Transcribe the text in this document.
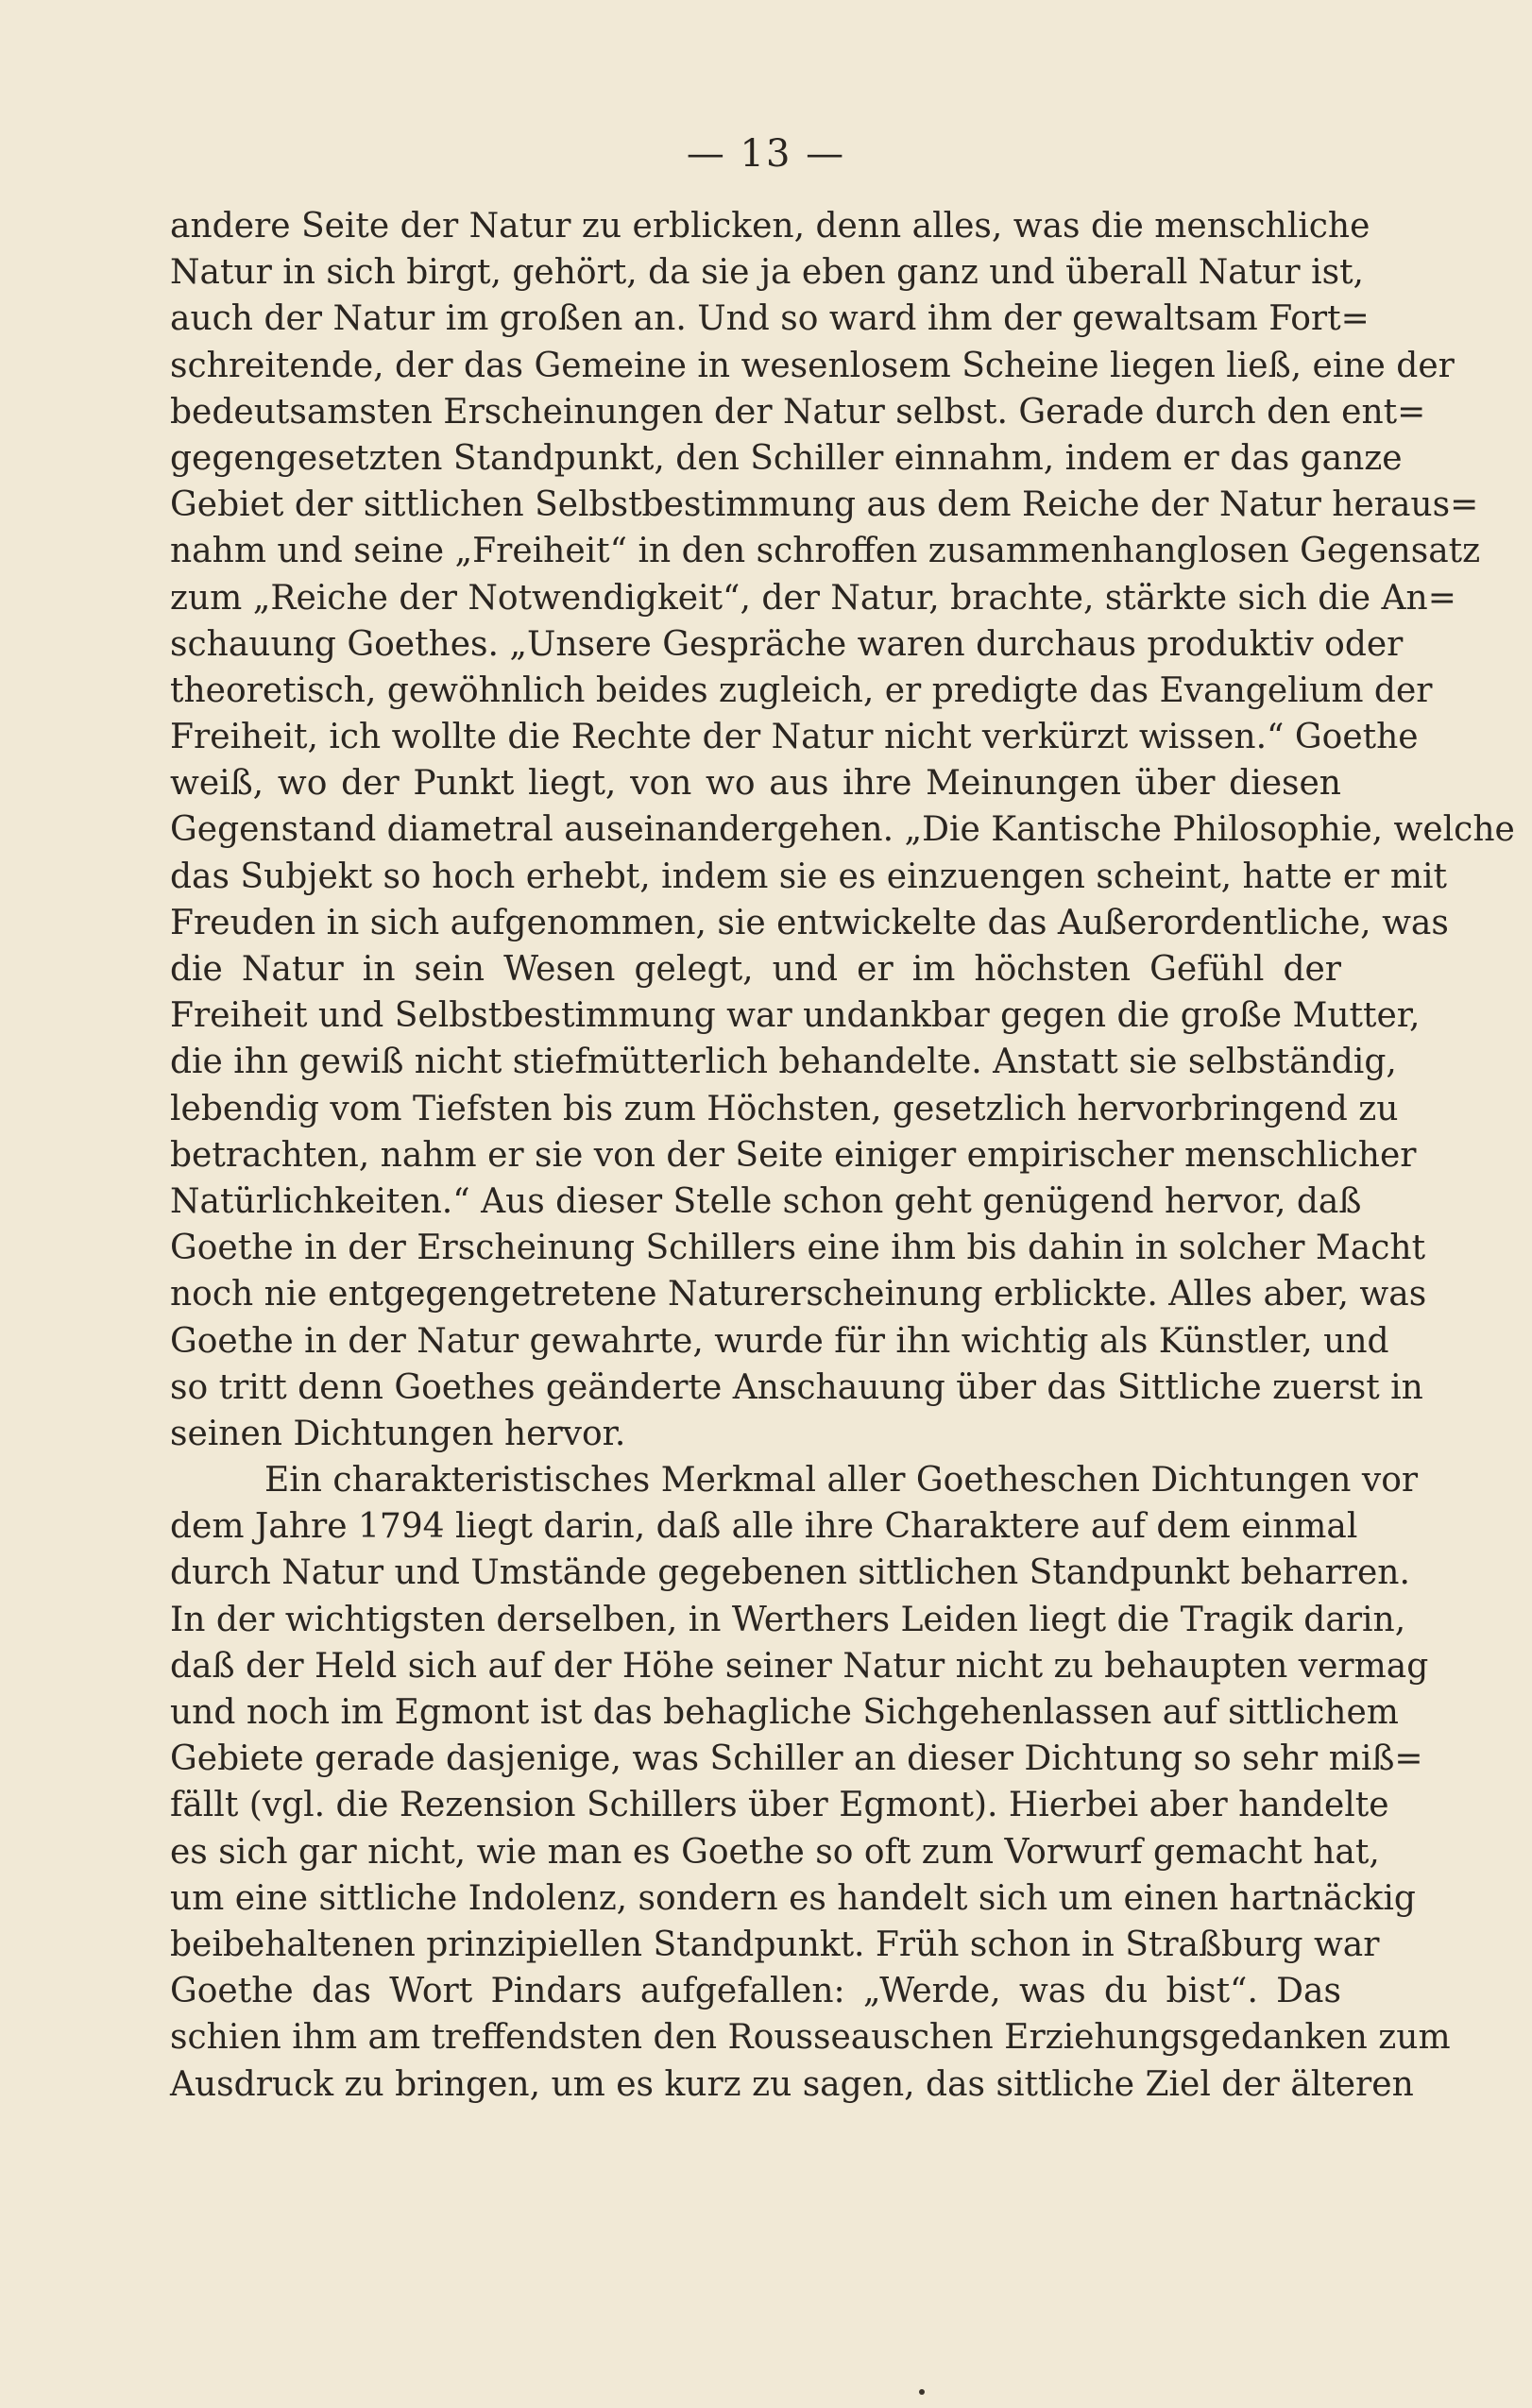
— 13 —
andere Seite der Natur zu erblicken, denn alles, was die menschliche
Natur in sich birgt, gehört, da sie ja eben ganz und überall Natur ist,
auch der Natur im großen an. Und so ward ihm der gewaltsam Fort=
schreitende, der das Gemeine in wesenlosem Scheine liegen ließ, eine der
bedeutsamsten Erscheinungen der Natur selbst. Gerade durch den ent=
gegengesetzten Standpunkt, den Schiller einnahm, indem er das ganze
Gebiet der sittlichen Selbstbestimmung aus dem Reiche der Natur heraus=
nahm und seine „Freiheit“ in den schroffen zusammenhanglosen Gegensatz
zum „Reiche der Notwendigkeit“, der Natur, brachte, stärkte sich die An=
schauung Goethes. „Unsere Gespräche waren durchaus produktiv oder
theoretisch, gewöhnlich beides zugleich, er predigte das Evangelium der
Freiheit, ich wollte die Rechte der Natur nicht verkürzt wissen.“ Goethe
weiß, wo der Punkt liegt, von wo aus ihre Meinungen über diesen
Gegenstand diametral auseinandergehen. „Die Kantische Philosophie, welche
das Subjekt so hoch erhebt, indem sie es einzuengen scheint, hatte er mit
Freuden in sich aufgenommen, sie entwickelte das Außerordentliche, was
die Natur in sein Wesen gelegt, und er im höchsten Gefühl der
Freiheit und Selbstbestimmung war undankbar gegen die große Mutter,
die ihn gewiß nicht stiefmütterlich behandelte. Anstatt sie selbständig,
lebendig vom Tiefsten bis zum Höchsten, gesetzlich hervorbringend zu
betrachten, nahm er sie von der Seite einiger empirischer menschlicher
Natürlichkeiten.“ Aus dieser Stelle schon geht genügend hervor, daß
Goethe in der Erscheinung Schillers eine ihm bis dahin in solcher Macht
noch nie entgegengetretene Naturerscheinung erblickte. Alles aber, was
Goethe in der Natur gewahrte, wurde für ihn wichtig als Künstler, und
so tritt denn Goethes geänderte Anschauung über das Sittliche zuerst in
seinen Dichtungen hervor.
Ein charakteristisches Merkmal aller Goetheschen Dichtungen vor
dem Jahre 1794 liegt darin, daß alle ihre Charaktere auf dem einmal
durch Natur und Umstände gegebenen sittlichen Standpunkt beharren.
In der wichtigsten derselben, in Werthers Leiden liegt die Tragik darin,
daß der Held sich auf der Höhe seiner Natur nicht zu behaupten vermag
und noch im Egmont ist das behagliche Sichgehenlassen auf sittlichem
Gebiete gerade dasjenige, was Schiller an dieser Dichtung so sehr miß=
fällt (vgl. die Rezension Schillers über Egmont). Hierbei aber handelte
es sich gar nicht, wie man es Goethe so oft zum Vorwurf gemacht hat,
um eine sittliche Indolenz, sondern es handelt sich um einen hartnäckig
beibehaltenen prinzipiellen Standpunkt. Früh schon in Straßburg war
Goethe das Wort Pindars aufgefallen: „Werde, was du bist“. Das
schien ihm am treffendsten den Rousseauschen Erziehungsgedanken zum
Ausdruck zu bringen, um es kurz zu sagen, das sittliche Ziel der älteren
